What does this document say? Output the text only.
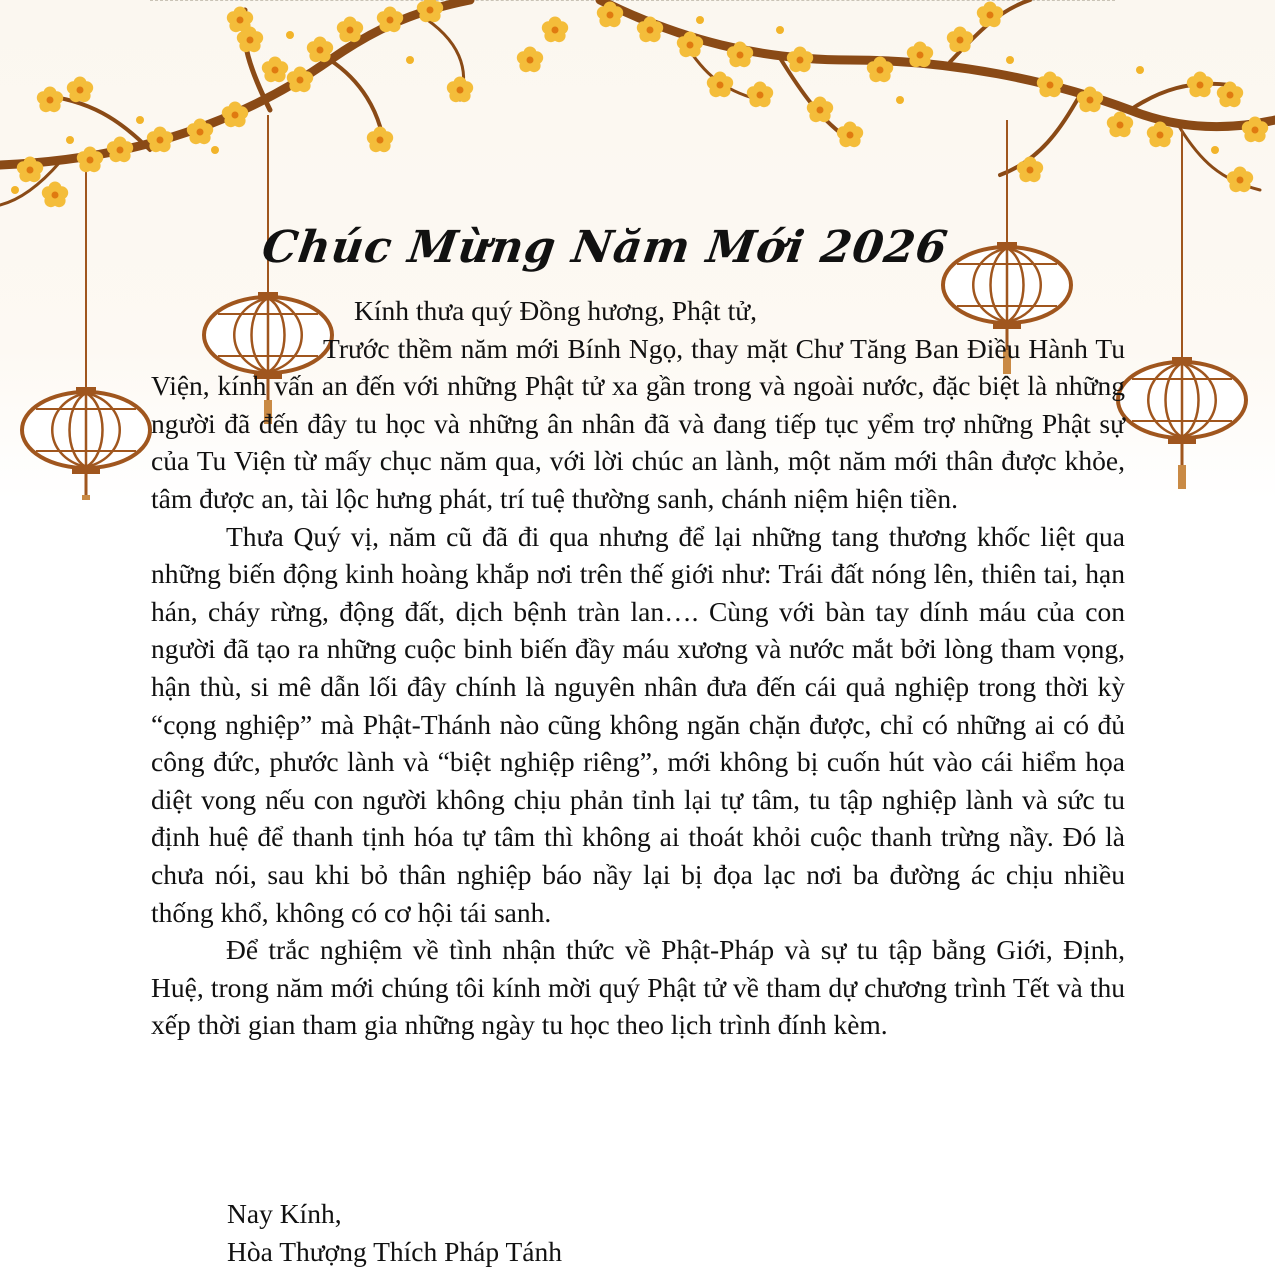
Chúc Mừng Năm Mới 2026

Kính thưa quý Đồng hương, Phật tử,

Trước thềm năm mới Bính Ngọ, thay mặt Chư Tăng Ban Điều Hành Tu Viện, kính vấn an đến với những Phật tử xa gần trong và ngoài nước, đặc biệt là những người đã đến đây tu học và những ân nhân đã và đang tiếp tục yểm trợ những Phật sự của Tu Viện từ mấy chục năm qua, với lời chúc an lành, một năm mới thân được khỏe, tâm được an, tài lộc hưng phát, trí tuệ thường sanh, chánh niệm hiện tiền.

Thưa Quý vị, năm cũ đã đi qua nhưng để lại những tang thương khốc liệt qua những biến động kinh hoàng khắp nơi trên thế giới như: Trái đất nóng lên, thiên tai, hạn hán, cháy rừng, động đất, dịch bệnh tràn lan…. Cùng với bàn tay dính máu của con người đã tạo ra những cuộc binh biến đầy máu xương và nước mắt bởi lòng tham vọng, hận thù, si mê dẫn lối đây chính là nguyên nhân đưa đến cái quả nghiệp trong thời kỳ “cọng nghiệp” mà Phật-Thánh nào cũng không ngăn chặn được, chỉ có những ai có đủ công đức, phước lành và “biệt nghiệp riêng”, mới không bị cuốn hút vào cái hiểm họa diệt vong nếu con người không chịu phản tỉnh lại tự tâm, tu tập nghiệp lành và sức tu định huệ để thanh tịnh hóa tự tâm thì không ai thoát khỏi cuộc thanh trừng nầy. Đó là chưa nói, sau khi bỏ thân nghiệp báo nầy lại bị đọa lạc nơi ba đường ác chịu nhiều thống khổ, không có cơ hội tái sanh.

Để trắc nghiệm về tình nhận thức về Phật-Pháp và sự tu tập bằng Giới, Định, Huệ, trong năm mới chúng tôi kính mời quý Phật tử về tham dự chương trình Tết và thu xếp thời gian tham gia những ngày tu học theo lịch trình đính kèm.

Nay Kính,
Hòa Thượng Thích Pháp Tánh
